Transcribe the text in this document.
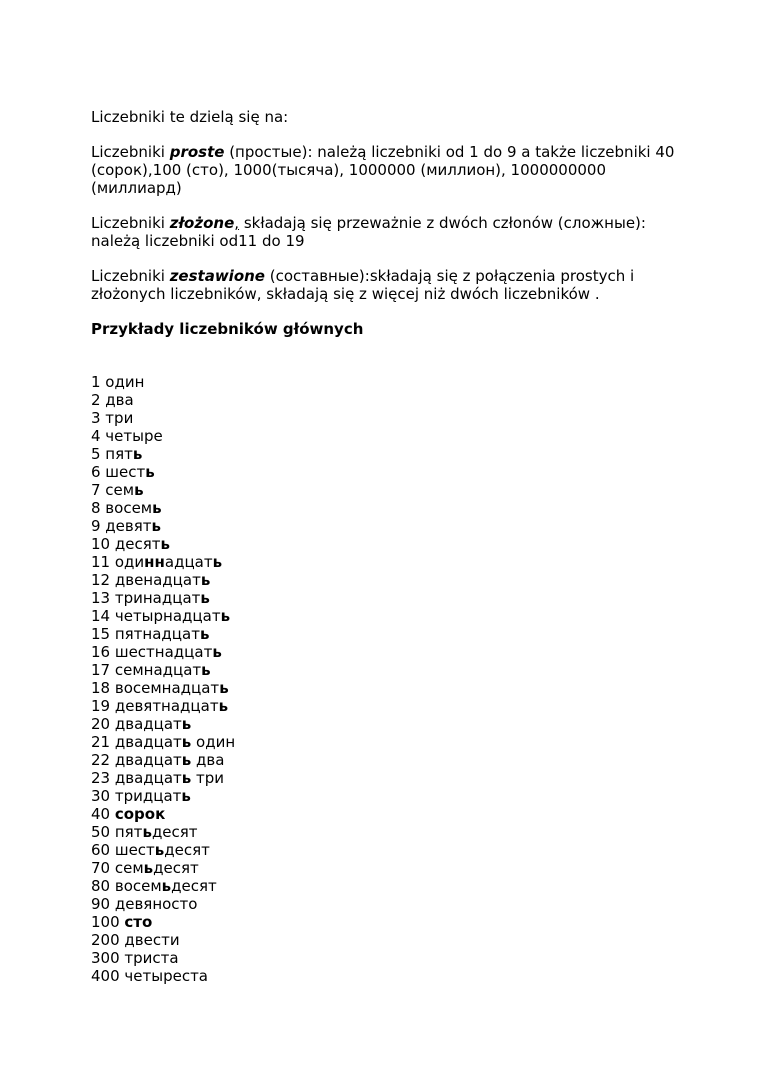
Liczebniki te dzielą się na:

Liczebniki proste (простые): należą liczebniki od 1 do 9 a także liczebniki 40 (сорок),100 (сто), 1000(тысяча), 1000000 (миллион), 1000000000 (миллиард)

Liczebniki złożone, składają się przeważnie z dwóch członów (сложные): należą liczebniki od11 do 19

Liczebniki zestawione (составные):składają się z połączenia prostych i złożonych liczebników, składają się z więcej niż dwóch liczebników .

Przykłady liczebników głównych

1 один
2 два
3 три
4 четыре
5 пять
6 шесть
7 семь
8 восемь
9 девять
10 десять
11 одиннадцать
12 двенадцать
13 тринадцать
14 четырнадцать
15 пятнадцать
16 шестнадцать
17 семнадцать
18 восемнадцать
19 девятнадцать
20 двадцать
21 двадцать один
22 двадцать два
23 двадцать три
30 тридцать
40 сорок
50 пятьдесят
60 шестьдесят
70 семьдесят
80 восемьдесят
90 девяносто
100 сто
200 двести
300 триста
400 четыреста
